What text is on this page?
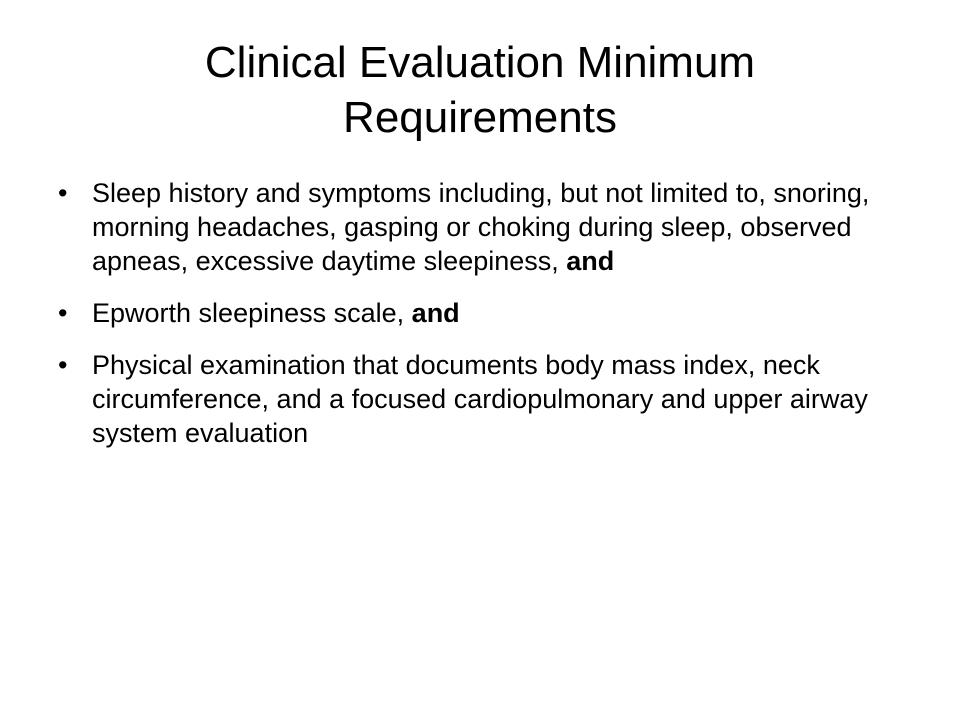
Clinical Evaluation Minimum Requirements
• Sleep history and symptoms including, but not limited to, snoring, morning headaches, gasping or choking during sleep, observed apneas, excessive daytime sleepiness, and
• Epworth sleepiness scale, and
• Physical examination that documents body mass index, neck circumference, and a focused cardiopulmonary and upper airway system evaluation
